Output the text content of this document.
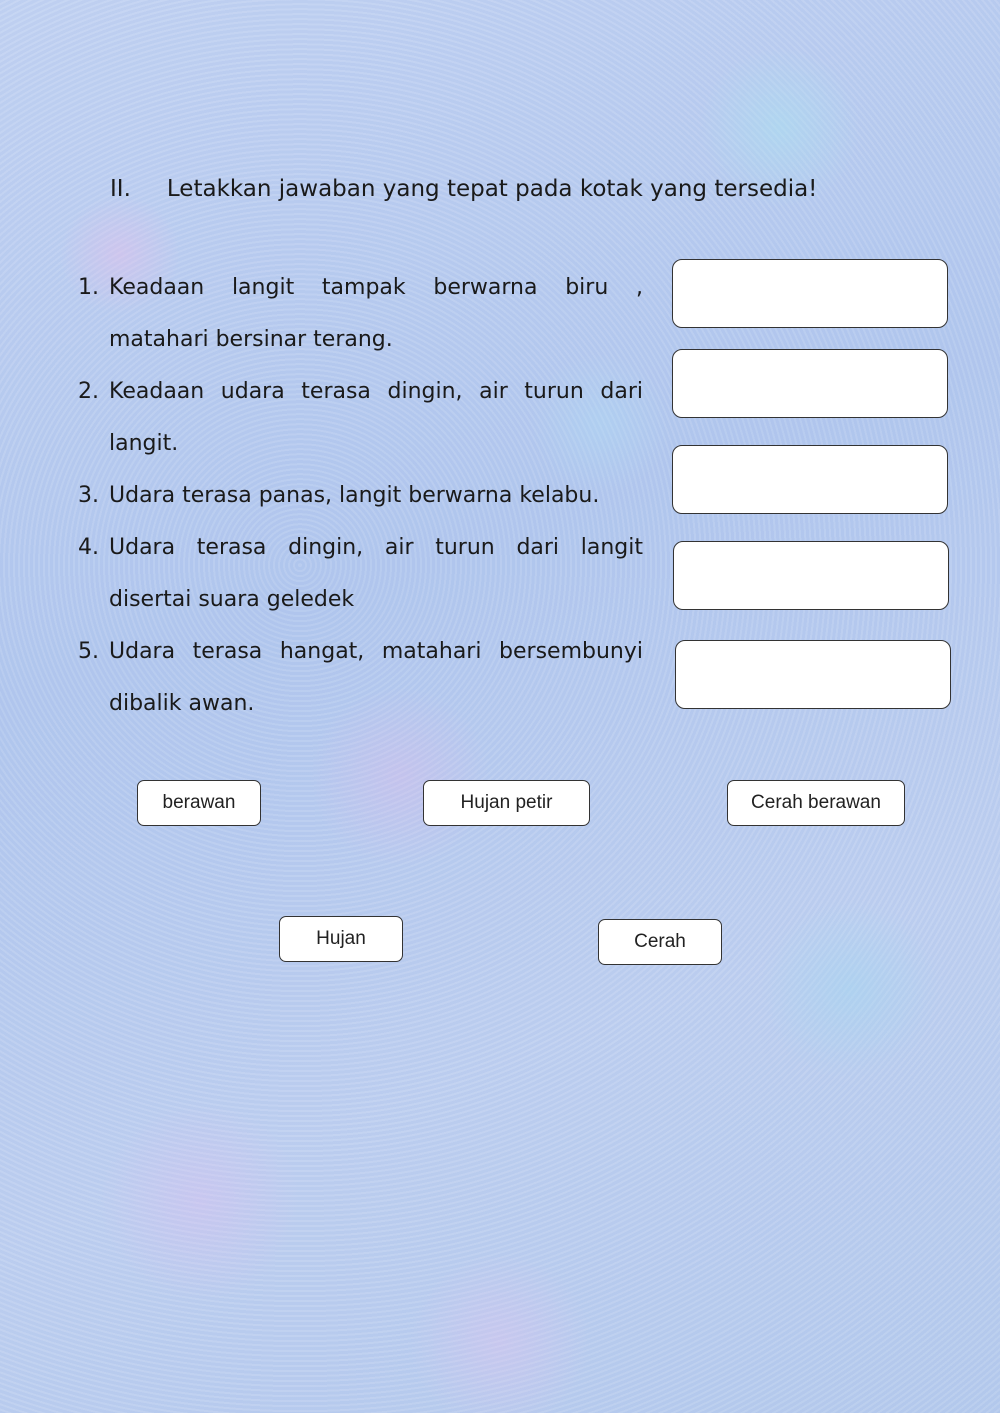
II. Letakkan jawaban yang tepat pada kotak yang tersedia!
1. Keadaan langit tampak berwarna biru , matahari bersinar terang.
2. Keadaan udara terasa dingin, air turun dari langit.
3. Udara terasa panas, langit berwarna kelabu.
4. Udara terasa dingin, air turun dari langit disertai suara geledek
5. Udara terasa hangat, matahari bersembunyi dibalik awan.
berawan	Hujan petir	Cerah berawan
Hujan	Cerah
